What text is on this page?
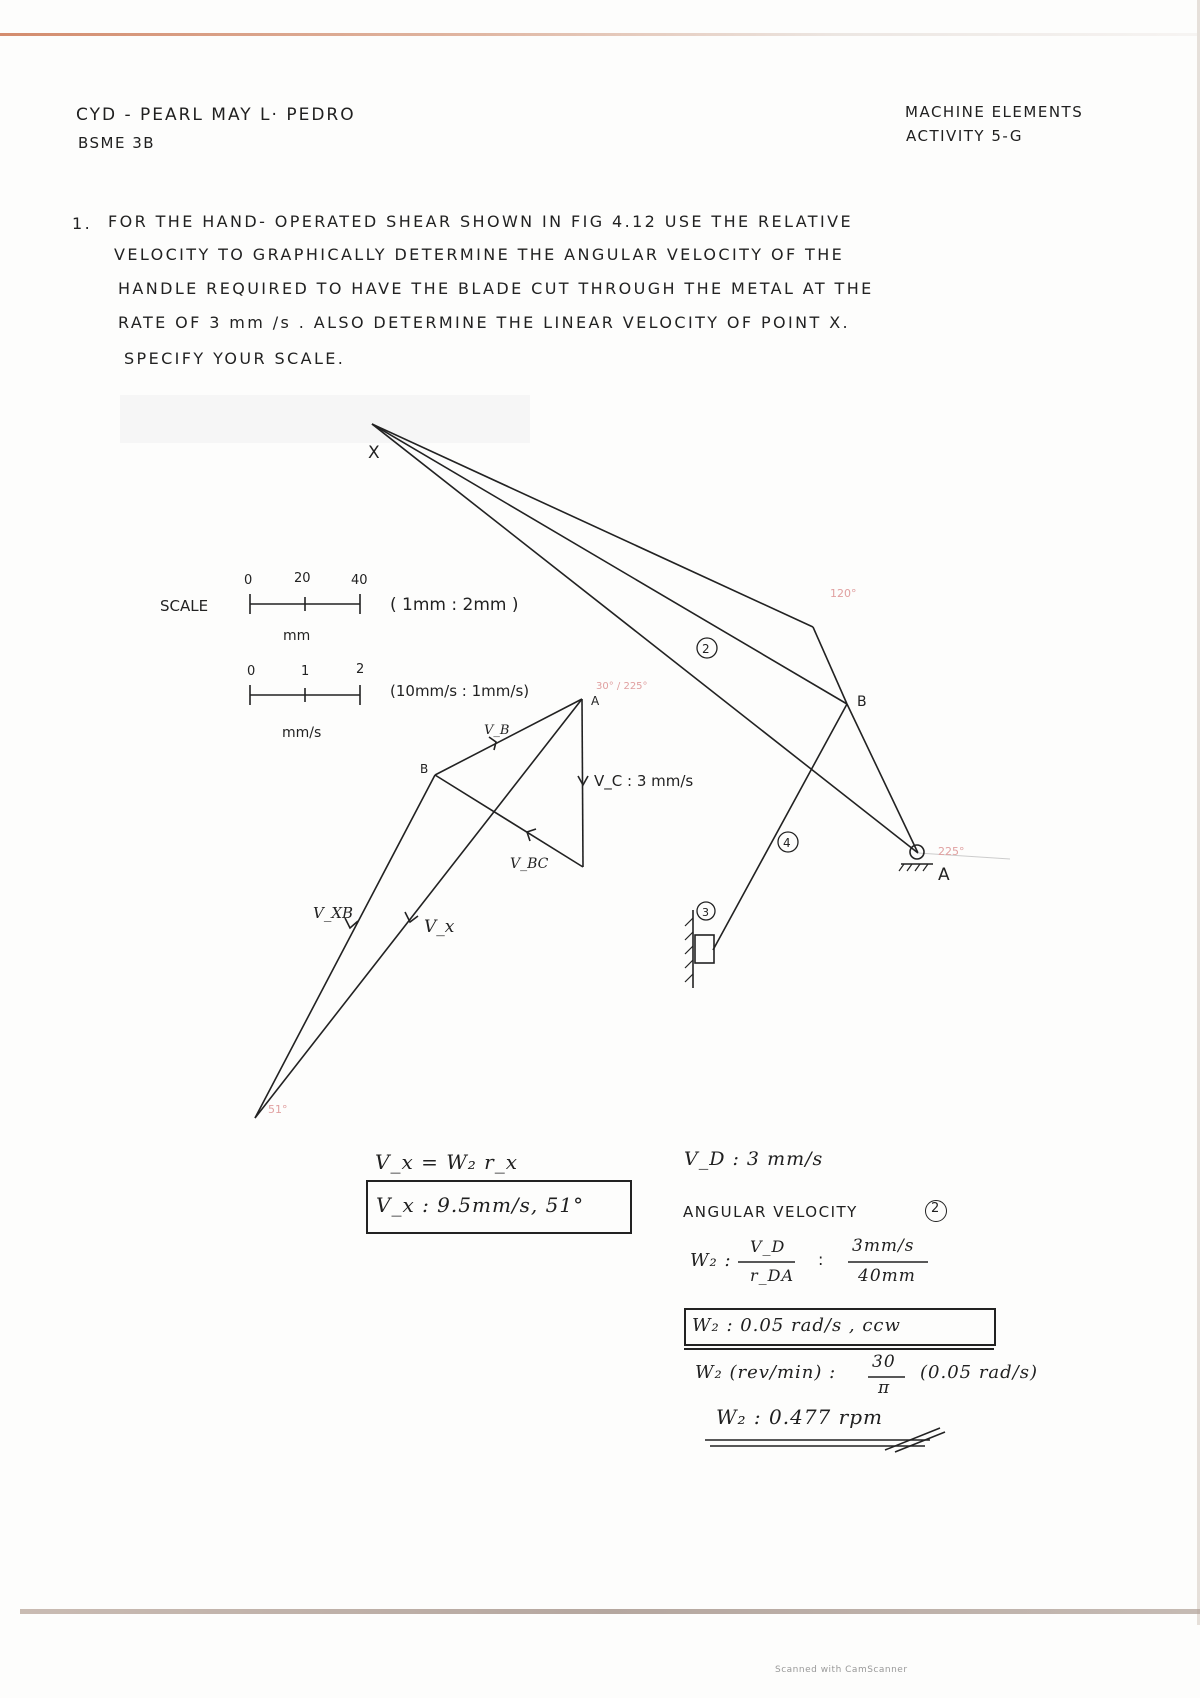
CYD - PEARL MAY L· PEDRO
BSME 3B
MACHINE ELEMENTS
ACTIVITY 5-G
1. FOR THE HAND- OPERATED SHEAR SHOWN IN FIG 4.12 USE THE RELATIVE
VELOCITY TO GRAPHICALLY DETERMINE THE ANGULAR VELOCITY OF THE
HANDLE REQUIRED TO HAVE THE BLADE CUT THROUGH THE METAL AT THE
RATE OF 3 mm /s . ALSO DETERMINE THE LINEAR VELOCITY OF POINT X.
SPECIFY YOUR SCALE.
X
B
A
2
4
3
120°
225°
SCALE
0	20	40
mm
( 1mm : 2mm )
0	1	2
mm/s
(10mm/s : 1mm/s)
A
B
V_B
V_C : 3 mm/s
V_BC
V_XB
V_x
30° / 225°
51°
V_x = W₂ r_x
V_x : 9.5mm/s, 51°
V_D : 3 mm/s
ANGULAR VELOCITY	2
W₂ :
V_D
r_DA
:
3mm/s
40mm
W₂ : 0.05 rad/s , ccw
W₂ (rev/min) : 30
π
(0.05 rad/s)
W₂ : 0.477 rpm
Scanned with CamScanner
